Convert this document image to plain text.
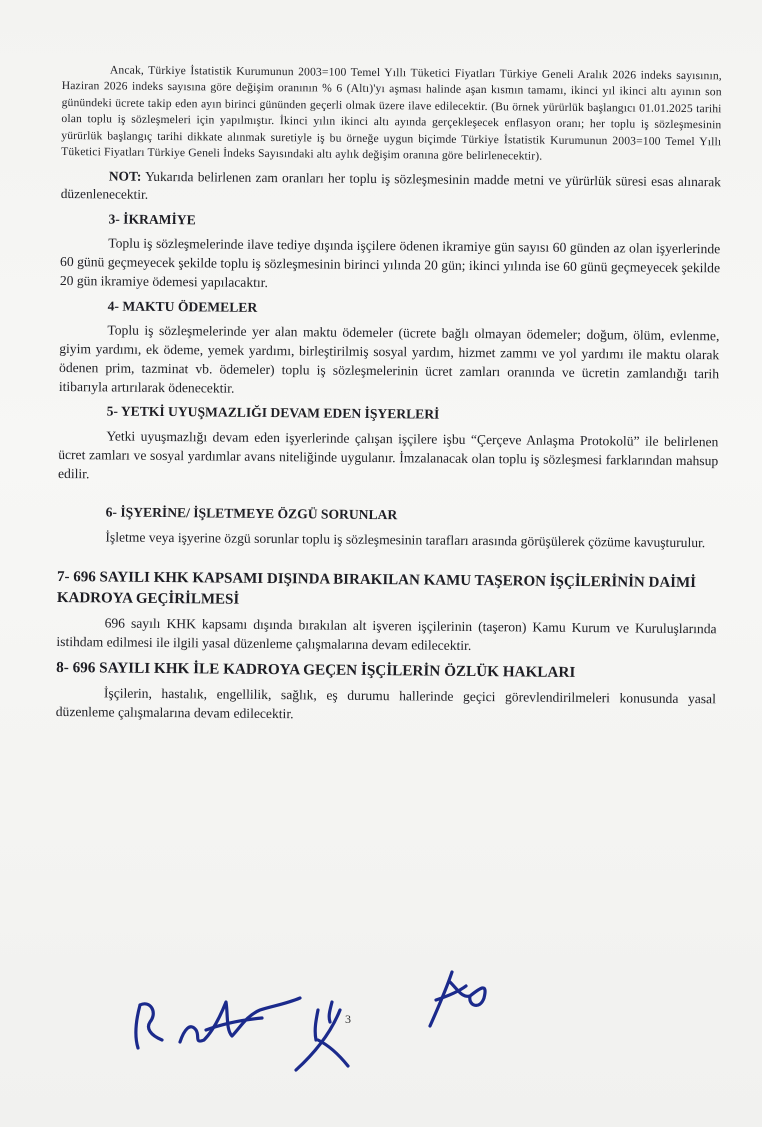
Ancak, Türkiye İstatistik Kurumunun 2003=100 Temel Yıllı Tüketici Fiyatları Türkiye Geneli Aralık 2026 indeks sayısının, Haziran 2026 indeks sayısına göre değişim oranının % 6 (Altı)'yı aşması halinde aşan kısmın tamamı, ikinci yıl ikinci altı ayının son günündeki ücrete takip eden ayın birinci gününden geçerli olmak üzere ilave edilecektir. (Bu örnek yürürlük başlangıcı 01.01.2025 tarihi olan toplu iş sözleşmeleri için yapılmıştır. İkinci yılın ikinci altı ayında gerçekleşecek enflasyon oranı; her toplu iş sözleşmesinin yürürlük başlangıç tarihi dikkate alınmak suretiyle iş bu örneğe uygun biçimde Türkiye İstatistik Kurumunun 2003=100 Temel Yıllı Tüketici Fiyatları Türkiye Geneli İndeks Sayısındaki altı aylık değişim oranına göre belirlenecektir).

NOT: Yukarıda belirlenen zam oranları her toplu iş sözleşmesinin madde metni ve yürürlük süresi esas alınarak düzenlenecektir.

3- İKRAMİYE

Toplu iş sözleşmelerinde ilave tediye dışında işçilere ödenen ikramiye gün sayısı 60 günden az olan işyerlerinde 60 günü geçmeyecek şekilde toplu iş sözleşmesinin birinci yılında 20 gün; ikinci yılında ise 60 günü geçmeyecek şekilde 20 gün ikramiye ödemesi yapılacaktır.

4- MAKTU ÖDEMELER

Toplu iş sözleşmelerinde yer alan maktu ödemeler (ücrete bağlı olmayan ödemeler; doğum, ölüm, evlenme, giyim yardımı, ek ödeme, yemek yardımı, birleştirilmiş sosyal yardım, hizmet zammı ve yol yardımı ile maktu olarak ödenen prim, tazminat vb. ödemeler) toplu iş sözleşmelerinin ücret zamları oranında ve ücretin zamlandığı tarih itibarıyla artırılarak ödenecektir.

5- YETKİ UYUŞMAZLIĞI DEVAM EDEN İŞYERLERİ

Yetki uyuşmazlığı devam eden işyerlerinde çalışan işçilere işbu “Çerçeve Anlaşma Protokolü” ile belirlenen ücret zamları ve sosyal yardımlar avans niteliğinde uygulanır. İmzalanacak olan toplu iş sözleşmesi farklarından mahsup edilir.

6- İŞYERİNE/ İŞLETMEYE ÖZGÜ SORUNLAR

İşletme veya işyerine özgü sorunlar toplu iş sözleşmesinin tarafları arasında görüşülerek çözüme kavuşturulur.

7- 696 SAYILI KHK KAPSAMI DIŞINDA BIRAKILAN KAMU TAŞERON İŞÇİLERİNİN DAİMİ KADROYA GEÇİRİLMESİ

696 sayılı KHK kapsamı dışında bırakılan alt işveren işçilerinin (taşeron) Kamu Kurum ve Kuruluşlarında istihdam edilmesi ile ilgili yasal düzenleme çalışmalarına devam edilecektir.

8- 696 SAYILI KHK İLE KADROYA GEÇEN İŞÇİLERİN ÖZLÜK HAKLARI

İşçilerin, hastalık, engellilik, sağlık, eş durumu hallerinde geçici görevlendirilmeleri konusunda yasal düzenleme çalışmalarına devam edilecektir.

3
